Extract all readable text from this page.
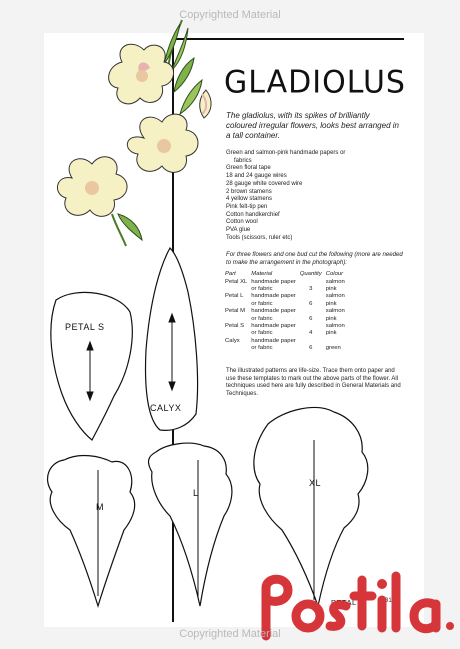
Copyrighted Material
GLADIOLUS
The gladiolus, with its spikes of brilliantly coloured irregular flowers, looks best arranged in a tall container.
Green and salmon-pink handmade papers or
fabrics
Green floral tape
18 and 24 gauge wires
28 gauge white covered wire
2 brown stamens
4 yellow stamens
Pink felt-tip pen
Cotton handkerchief
Cotton wool
PVA glue
Tools (scissors, ruler etc)
For three flowers and one bud cut the following (more are needed to make the arrangement in the photograph):
Part	Material	Quantity	Colour
Petal XL	handmade paper		salmon
	or fabric	3	pink
Petal L	handmade paper		salmon
	or fabric	6	pink
Petal M	handmade paper		salmon
	or fabric	6	pink
Petal S	handmade paper		salmon
	or fabric	4	pink
Calyx	handmade paper		
	or fabric	6	green
The illustrated patterns are life-size. Trace them onto paper and use these templates to mark out the above parts of the flower. All techniques used here are fully described in General Materials and Techniques.
PETAL S
CALYX
M
L
XL
PETAL	1 31
Copyrighted Material
